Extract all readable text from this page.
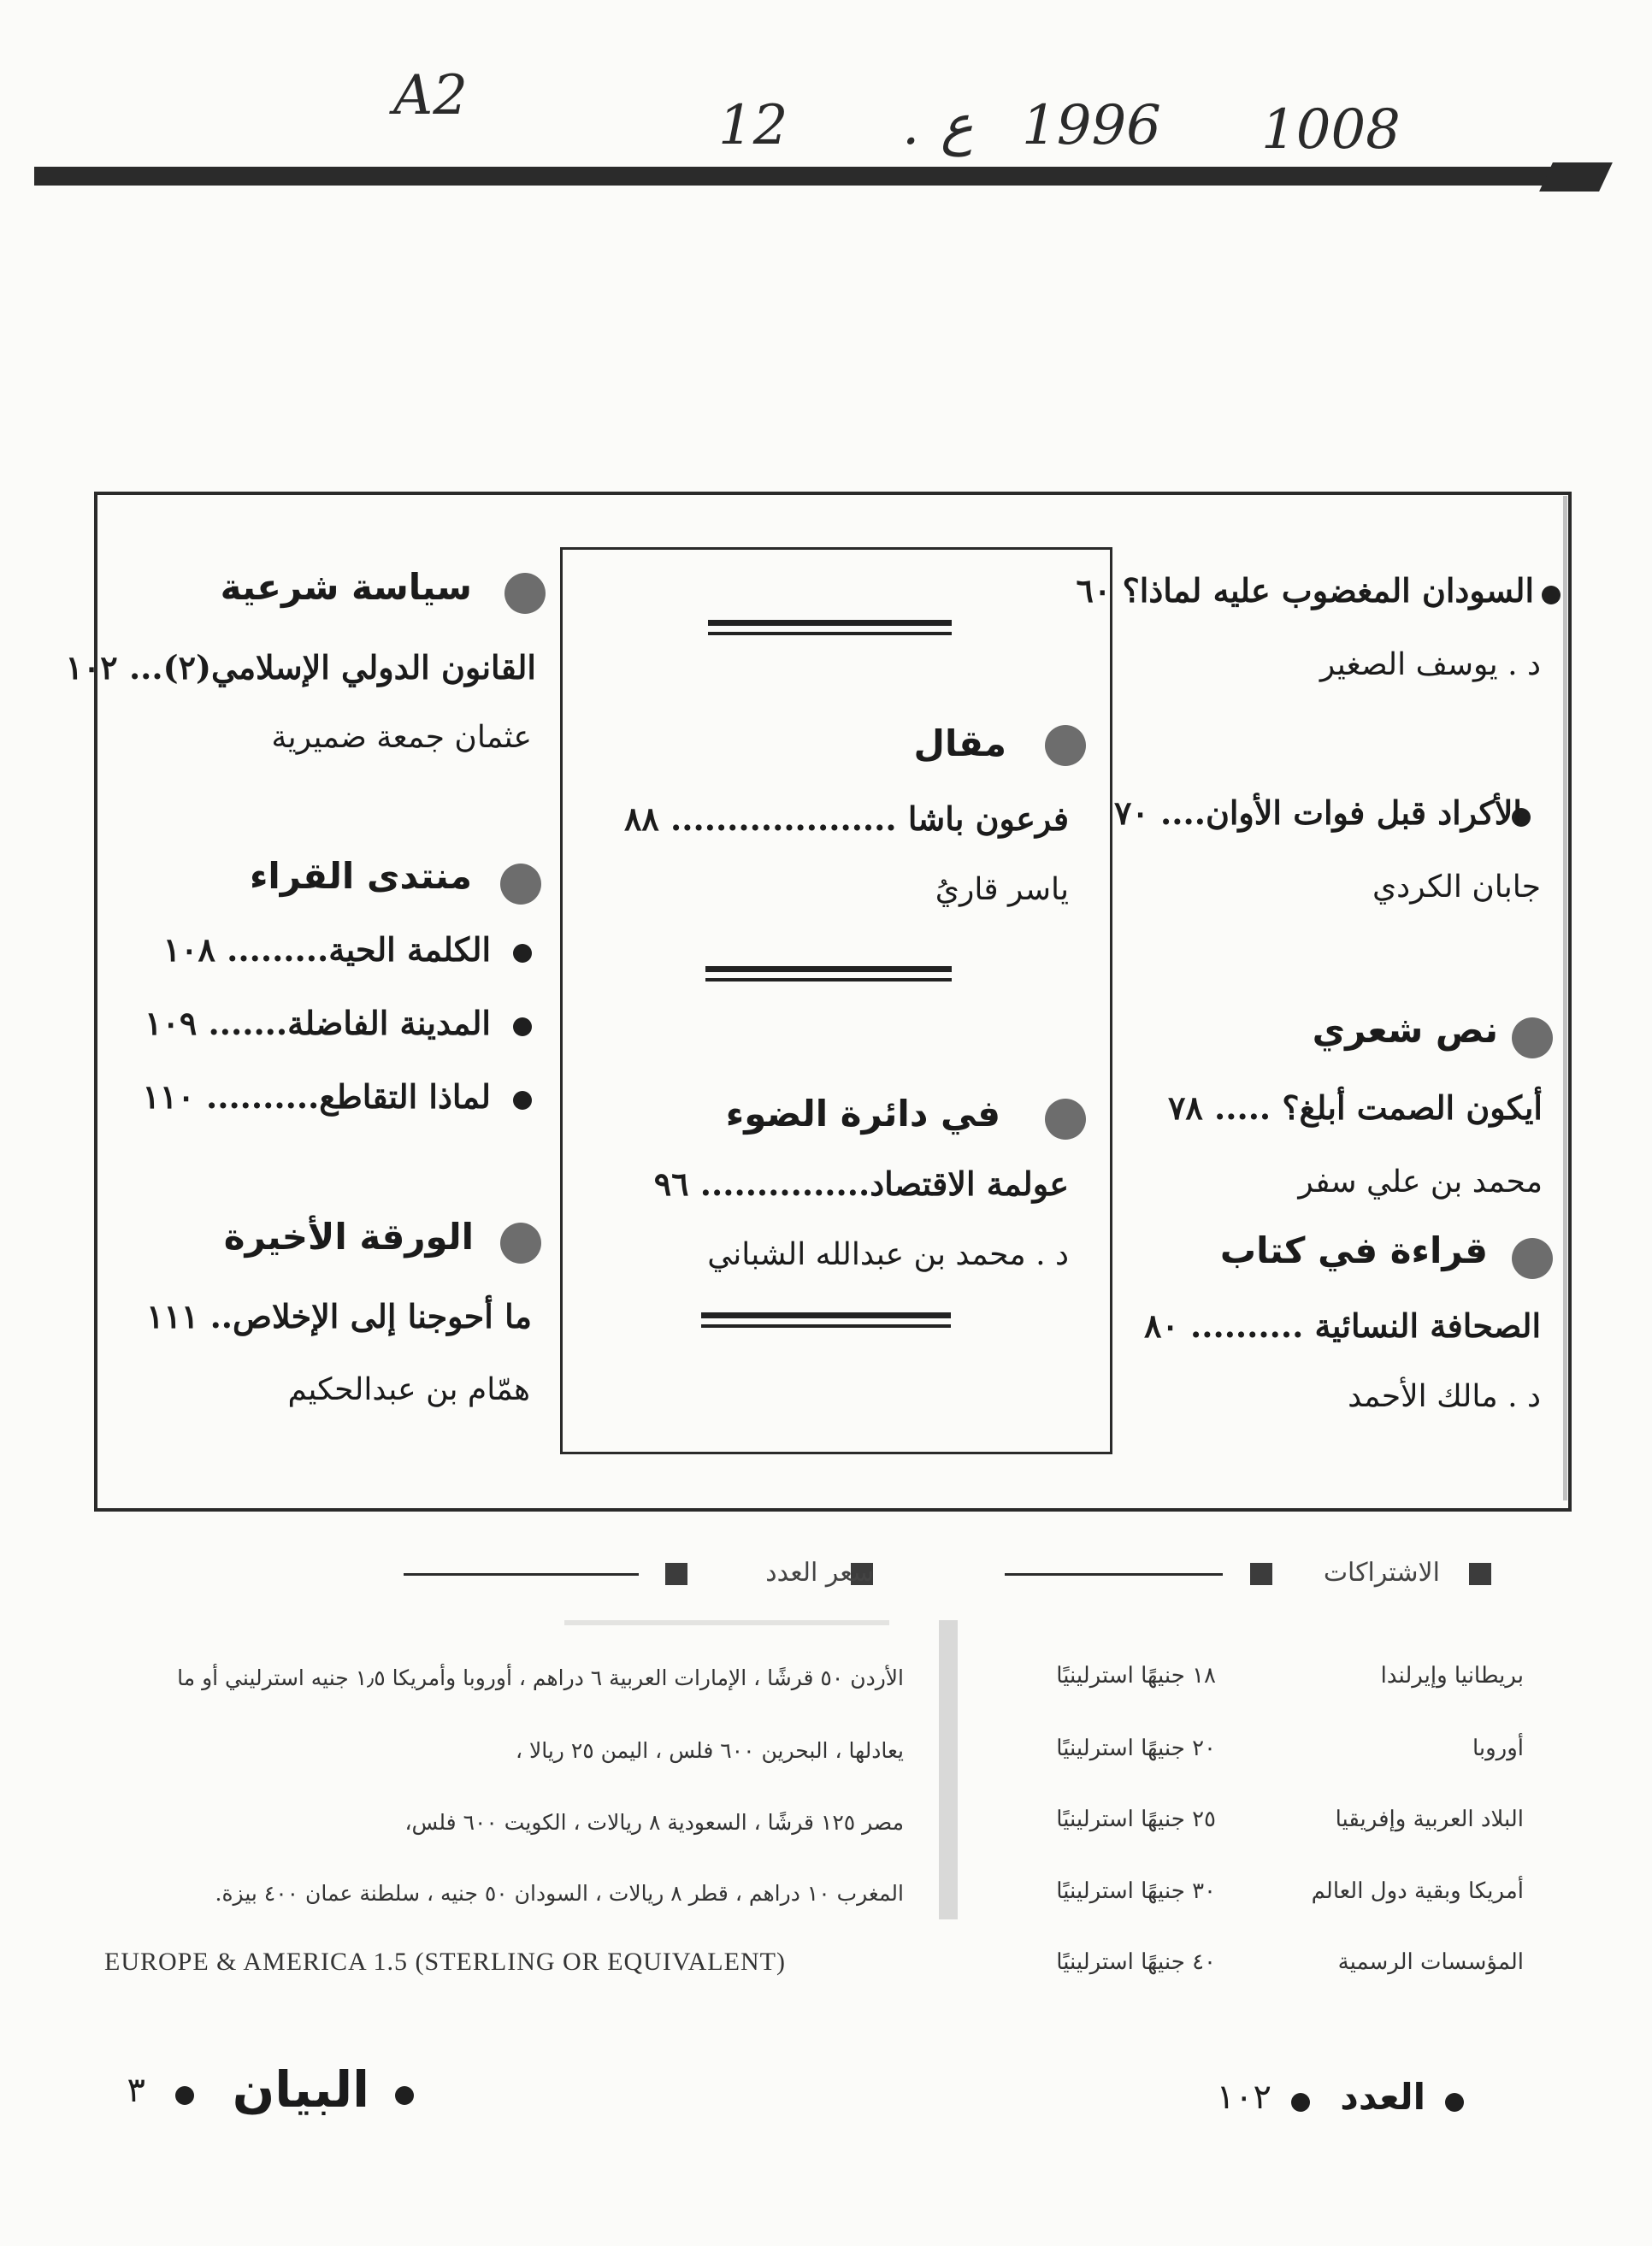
A2	12 . ع 1996 1008
السودان المغضوب عليه لماذا؟ ٦٠
د . يوسف الصغير
الأكراد قبل فوات الأوان.... ٧٠
جابان الكردي
نص شعري
أيكون الصمت أبلغ؟ ..... ٧٨
محمد بن علي سفر
قراءة في كتاب
الصحافة النسائية .......... ٨٠
د . مالك الأحمد
مقال
فرعون باشا .................... ٨٨
ياسر قاريُ
في دائرة الضوء
عولمة الاقتصاد............... ٩٦
د . محمد بن عبدالله الشباني
سياسة شرعية
القانون الدولي الإسلامي(٢)... ١٠٢
عثمان جمعة ضميرية
منتدى القراء
الكلمة الحية......... ١٠٨
المدينة الفاضلة....... ١٠٩
لماذا التقاطع.......... ١١٠
الورقة الأخيرة
ما أحوجنا إلى الإخلاص.. ١١١
همّام بن عبدالحكيم
الاشتراكات
بريطانيا وإيرلندا
١٨ جنيهًا استرلينيًا
أوروبا
٢٠ جنيهًا استرلينيًا
البلاد العربية وإفريقيا
٢٥ جنيهًا استرلينيًا
أمريكا وبقية دول العالم
٣٠ جنيهًا استرلينيًا
المؤسسات الرسمية
٤٠ جنيهًا استرلينيًا
سعر العدد
الأردن ٥٠ قرشًا ، الإمارات العربية ٦ دراهم ، أوروبا وأمريكا ١٫٥ جنيه استرليني أو ما
يعادلها ، البحرين ٦٠٠ فلس ، اليمن ٢٥ ريالا ،
مصر ١٢٥ قرشًا ، السعودية ٨ ريالات ، الكويت ٦٠٠ فلس،
المغرب ١٠ دراهم ، قطر ٨ ريالات ، السودان ٥٠ جنيه ، سلطنة عمان ٤٠٠ بيزة.
EUROPE & AMERICA 1.5 (STERLING OR EQUIVALENT)
العدد
١٠٢
البيان
٣
